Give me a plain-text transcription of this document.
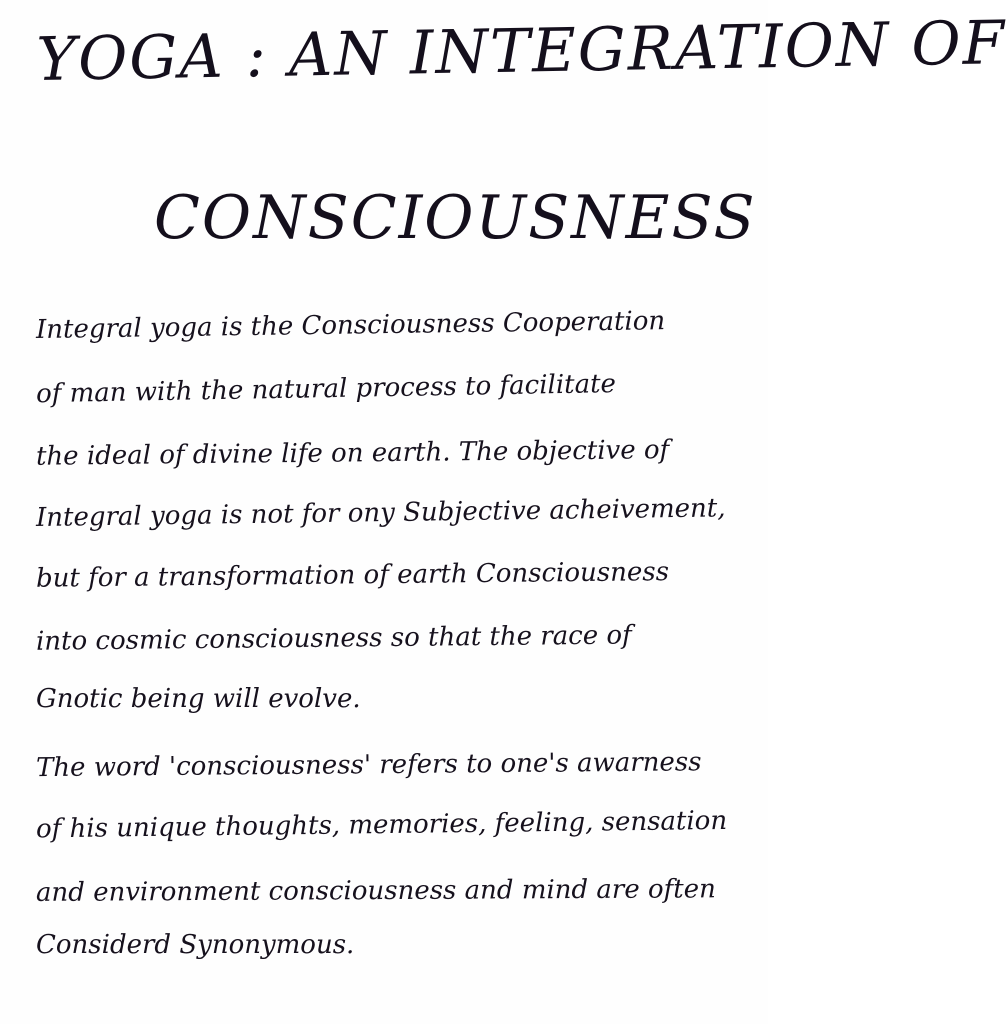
YOGA : AN INTEGRATION OF
CONSCIOUSNESS
Integral yoga is the Consciousness Cooperation
of man with the natural process to facilitate
the ideal of divine life on earth. The objective of
Integral yoga is not for ony Subjective acheivement,
but for a transformation of earth Consciousness
into cosmic consciousness so that the race of
Gnotic being will evolve.
The word 'consciousness' refers to one's awarness
of his unique thoughts, memories, feeling, sensation
and environment consciousness and mind are often
Considerd Synonymous.
